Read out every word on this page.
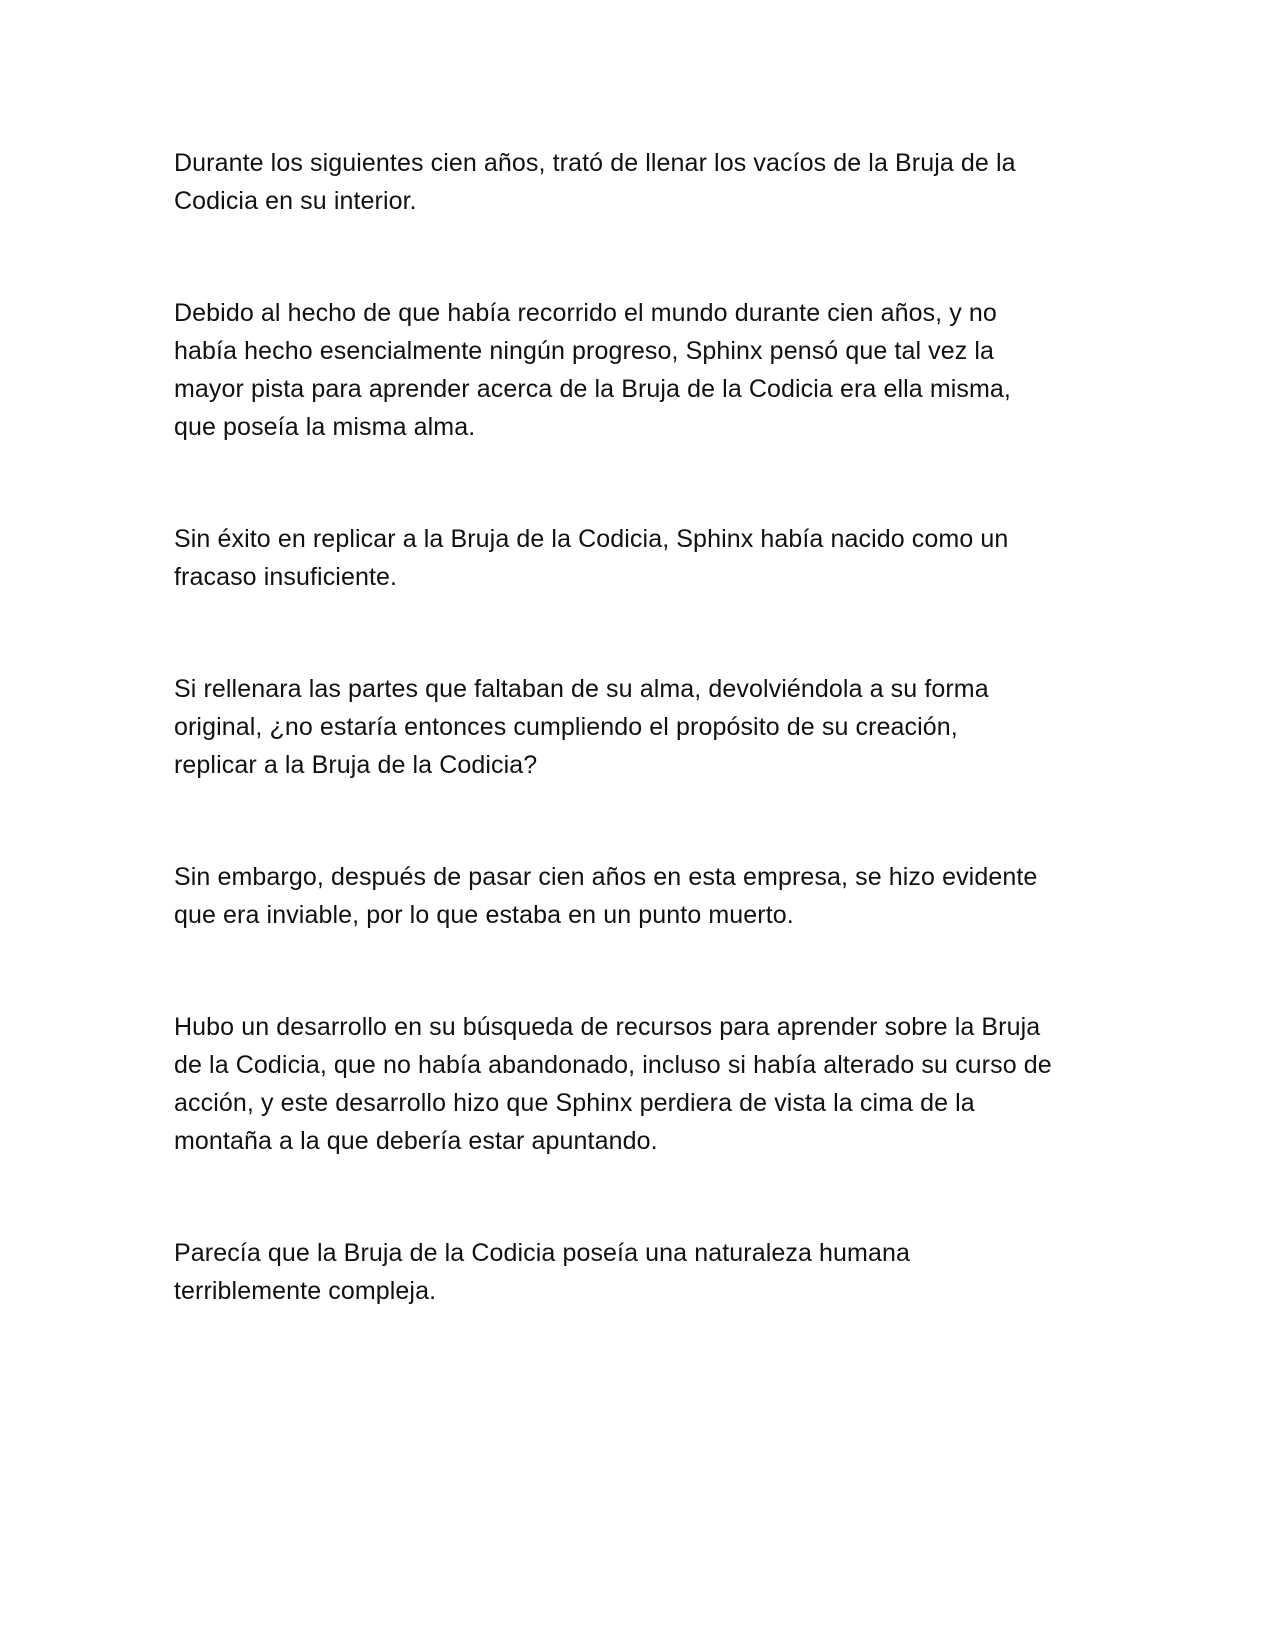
Durante los siguientes cien años, trató de llenar los vacíos de la Bruja de la
Codicia en su interior.

Debido al hecho de que había recorrido el mundo durante cien años, y no
había hecho esencialmente ningún progreso, Sphinx pensó que tal vez la
mayor pista para aprender acerca de la Bruja de la Codicia era ella misma,
que poseía la misma alma.

Sin éxito en replicar a la Bruja de la Codicia, Sphinx había nacido como un
fracaso insuficiente.

Si rellenara las partes que faltaban de su alma, devolviéndola a su forma
original, ¿no estaría entonces cumpliendo el propósito de su creación,
replicar a la Bruja de la Codicia?

Sin embargo, después de pasar cien años en esta empresa, se hizo evidente
que era inviable, por lo que estaba en un punto muerto.

Hubo un desarrollo en su búsqueda de recursos para aprender sobre la Bruja
de la Codicia, que no había abandonado, incluso si había alterado su curso de
acción, y este desarrollo hizo que Sphinx perdiera de vista la cima de la
montaña a la que debería estar apuntando.

Parecía que la Bruja de la Codicia poseía una naturaleza humana
terriblemente compleja.
